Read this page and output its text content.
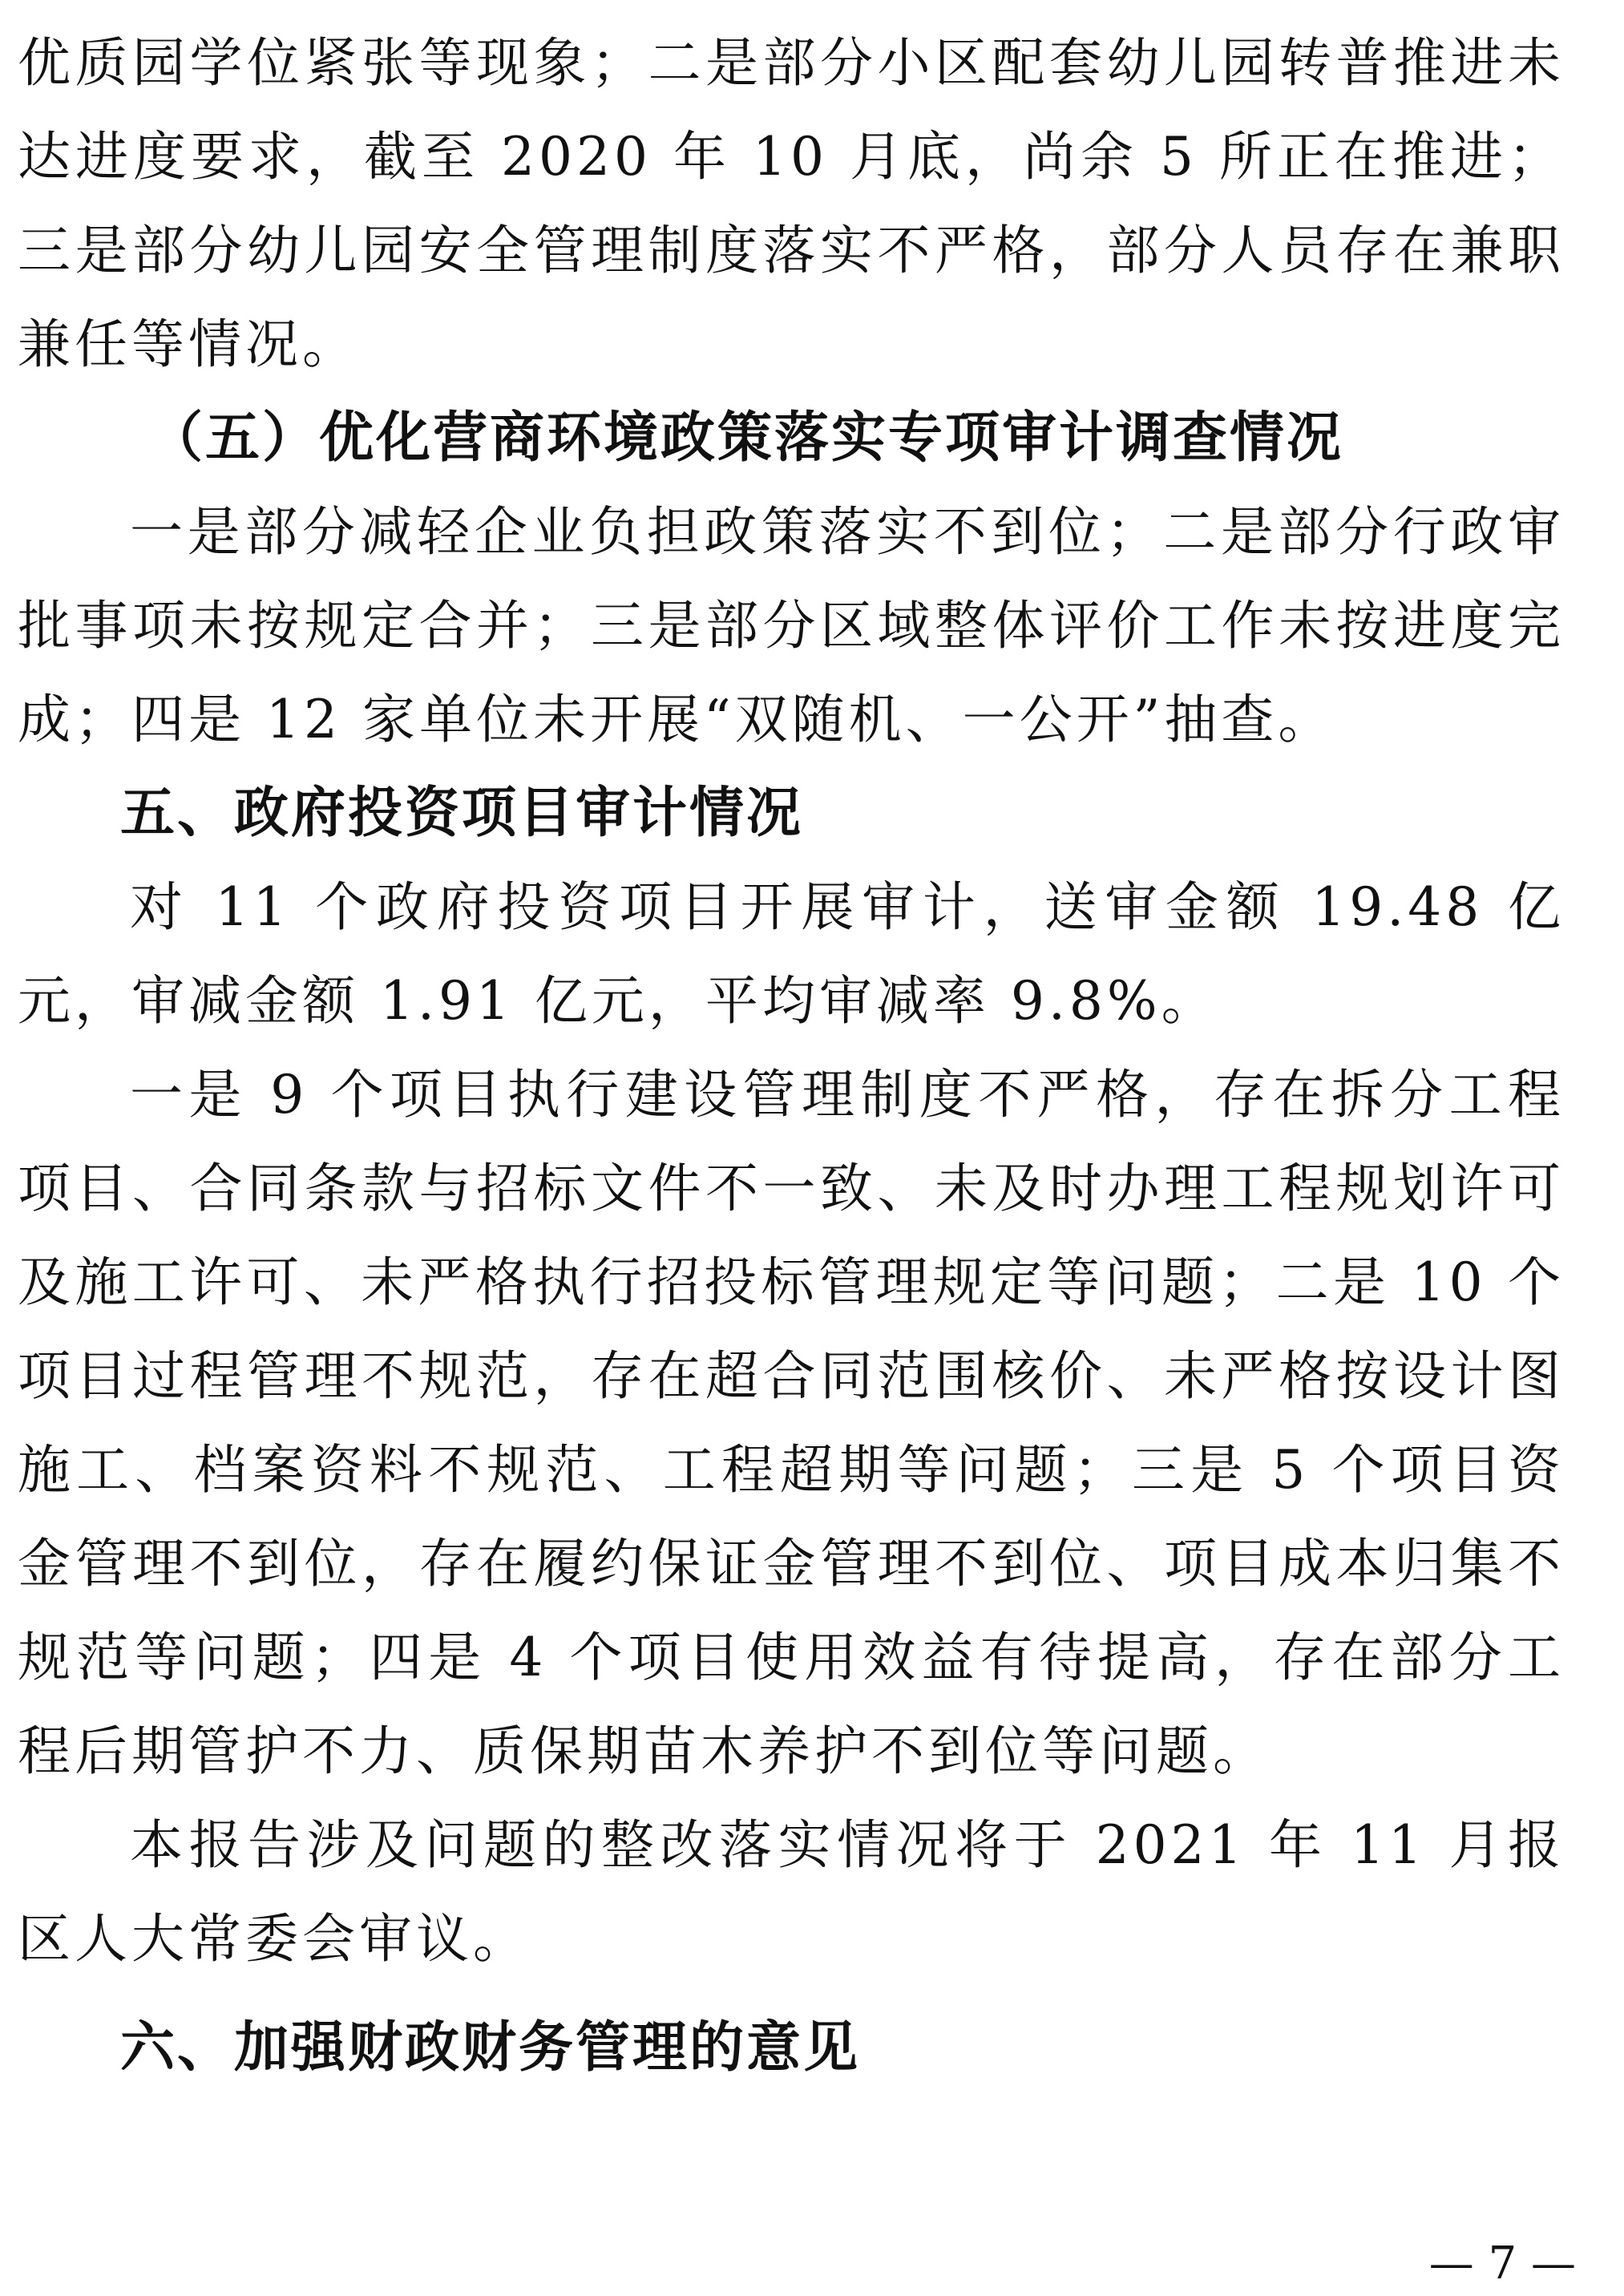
优质园学位紧张等现象；二是部分小区配套幼儿园转普推进未达进度要求，截至 2020 年 10 月底，尚余 5 所正在推进；三是部分幼儿园安全管理制度落实不严格，部分人员存在兼职兼任等情况。

（五）优化营商环境政策落实专项审计调查情况

一是部分减轻企业负担政策落实不到位；二是部分行政审批事项未按规定合并；三是部分区域整体评价工作未按进度完成；四是 12 家单位未开展“双随机、一公开”抽查。

五、政府投资项目审计情况

对 11 个政府投资项目开展审计，送审金额 19.48 亿元，审减金额 1.91 亿元，平均审减率 9.8%。

一是 9 个项目执行建设管理制度不严格，存在拆分工程项目、合同条款与招标文件不一致、未及时办理工程规划许可及施工许可、未严格执行招投标管理规定等问题；二是 10 个项目过程管理不规范，存在超合同范围核价、未严格按设计图施工、档案资料不规范、工程超期等问题；三是 5 个项目资金管理不到位，存在履约保证金管理不到位、项目成本归集不规范等问题；四是 4 个项目使用效益有待提高，存在部分工程后期管护不力、质保期苗木养护不到位等问题。

本报告涉及问题的整改落实情况将于 2021 年 11 月报区人大常委会审议。

六、加强财政财务管理的意见
— 7 —
